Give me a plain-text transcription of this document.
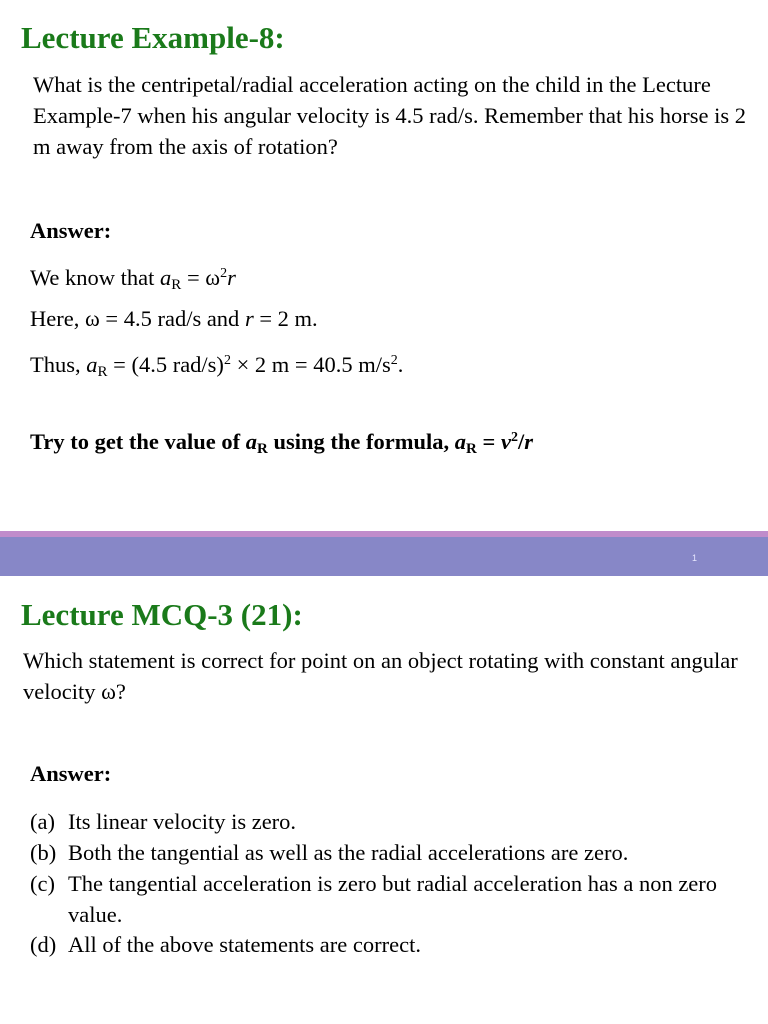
Lecture Example-8:

What is the centripetal/radial acceleration acting on the child in the Lecture Example-7 when his angular velocity is 4.5 rad/s. Remember that his horse is 2 m away from the axis of rotation?

Answer:

We know that $a_R = \omega^2r$

Here, ω = 4.5 rad/s and r = 2 m.

Thus, $a_R = (4.5$ rad/s)$^2$ × 2 m = 40.5 $m/s^2$.

Try to get the value of $a_R$ using the formula, $a_R = v^2/r$

1
Lecture MCQ-3 (21):

Which statement is correct for point on an object rotating with constant angular velocity ω?

Answer:

(a) Its linear velocity is zero.
(b) Both the tangential as well as the radial accelerations are zero.
(c) The tangential acceleration is zero but radial acceleration has a non zero value.
(d) All of the above statements are correct.
